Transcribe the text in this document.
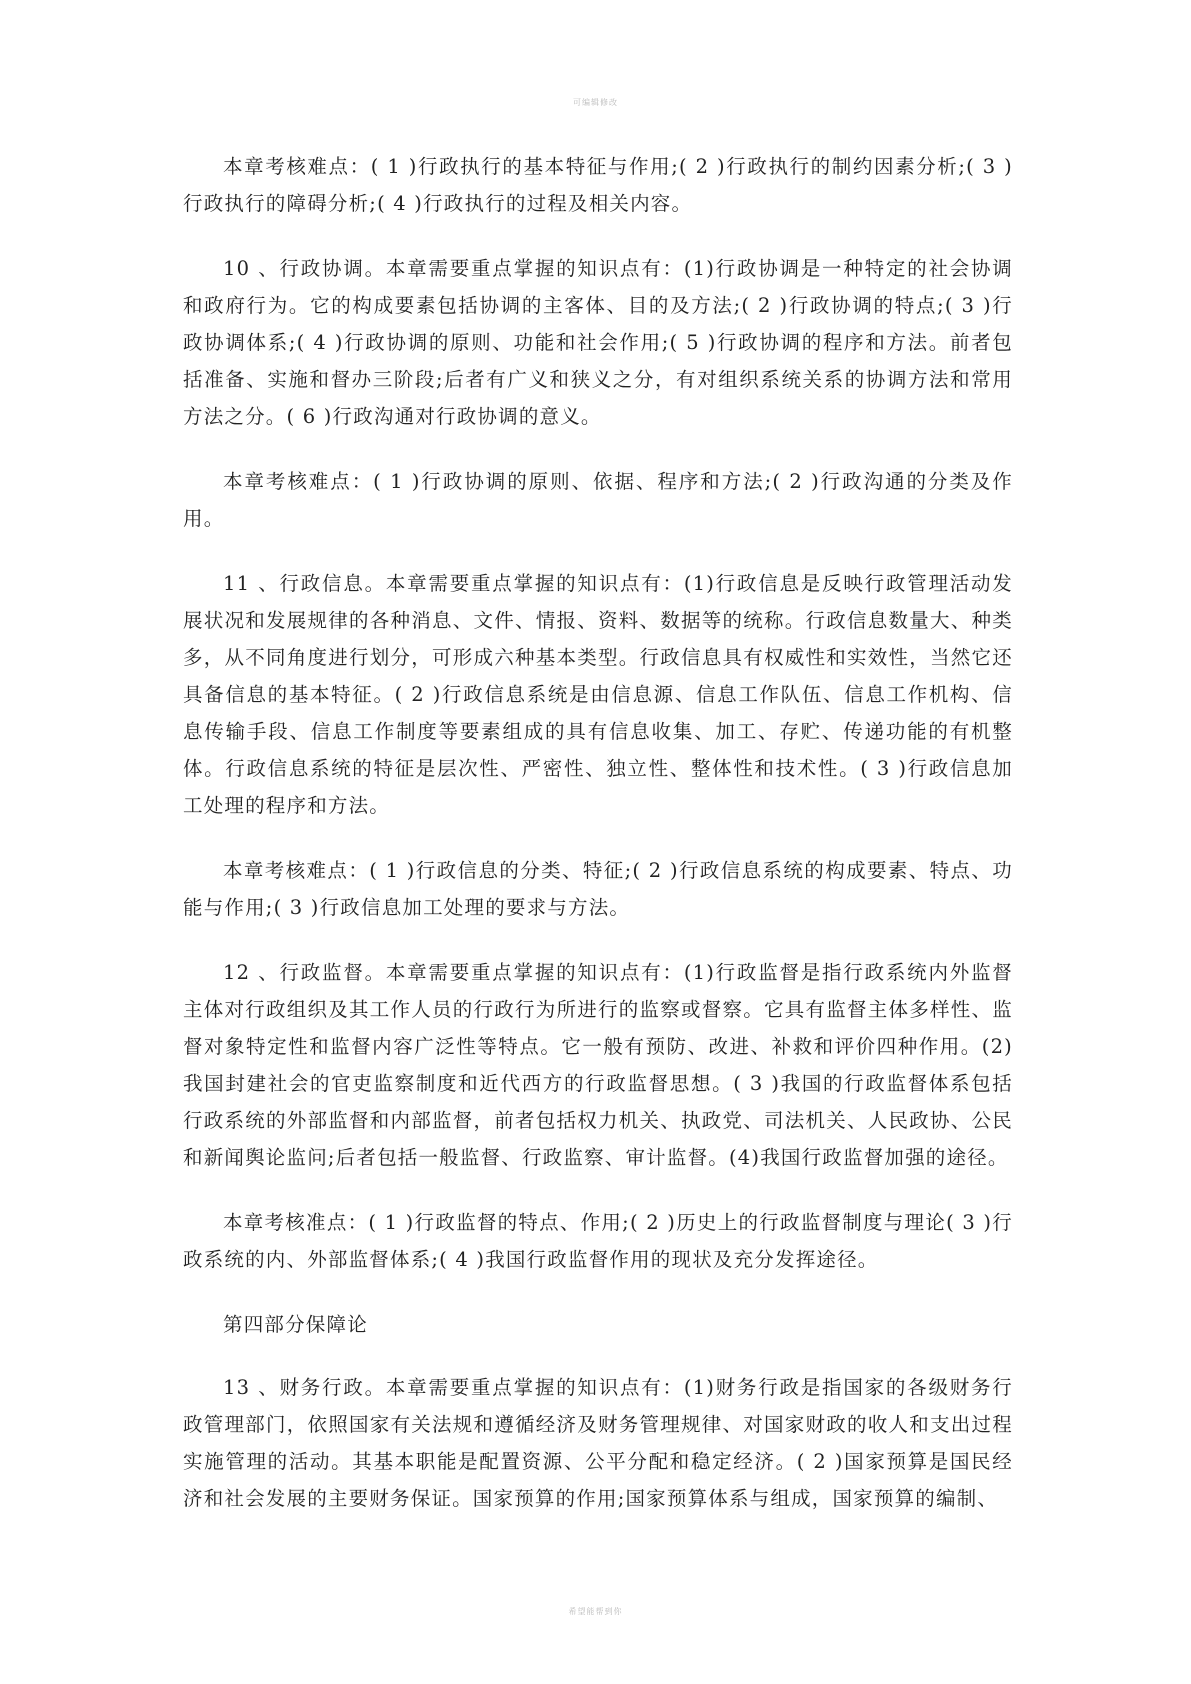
可编辑修改

本章考核难点：( 1 )行政执行的基本特征与作用;( 2 )行政执行的制约因素分析;( 3 )行政执行的障碍分析;( 4 )行政执行的过程及相关内容。

10 、行政协调。本章需要重点掌握的知识点有：(1)行政协调是一种特定的社会协调和政府行为。它的构成要素包括协调的主客体、目的及方法;( 2 )行政协调的特点;( 3 )行政协调体系;( 4 )行政协调的原则、功能和社会作用;( 5 )行政协调的程序和方法。前者包括准备、实施和督办三阶段;后者有广义和狭义之分，有对组织系统关系的协调方法和常用方法之分。( 6 )行政沟通对行政协调的意义。

本章考核难点：( 1 )行政协调的原则、依据、程序和方法;( 2 )行政沟通的分类及作用。

11 、行政信息。本章需要重点掌握的知识点有：(1)行政信息是反映行政管理活动发展状况和发展规律的各种消息、文件、情报、资料、数据等的统称。行政信息数量大、种类多，从不同角度进行划分，可形成六种基本类型。行政信息具有权威性和实效性，当然它还具备信息的基本特征。( 2 )行政信息系统是由信息源、信息工作队伍、信息工作机构、信息传输手段、信息工作制度等要素组成的具有信息收集、加工、存贮、传递功能的有机整体。行政信息系统的特征是层次性、严密性、独立性、整体性和技术性。( 3 )行政信息加工处理的程序和方法。

本章考核难点：( 1 )行政信息的分类、特征;( 2 )行政信息系统的构成要素、特点、功能与作用;( 3 )行政信息加工处理的要求与方法。

12 、行政监督。本章需要重点掌握的知识点有：(1)行政监督是指行政系统内外监督主体对行政组织及其工作人员的行政行为所进行的监察或督察。它具有监督主体多样性、监督对象特定性和监督内容广泛性等特点。它一般有预防、改进、补救和评价四种作用。(2)我国封建社会的官吏监察制度和近代西方的行政监督思想。( 3 )我国的行政监督体系包括行政系统的外部监督和内部监督，前者包括权力机关、执政党、司法机关、人民政协、公民和新闻舆论监问;后者包括一般监督、行政监察、审计监督。(4)我国行政监督加强的途径。

本章考核准点：( 1 )行政监督的特点、作用;( 2 )历史上的行政监督制度与理论( 3 )行政系统的内、外部监督体系;( 4 )我国行政监督作用的现状及充分发挥途径。

第四部分保障论

13 、财务行政。本章需要重点掌握的知识点有：(1)财务行政是指国家的各级财务行政管理部门，依照国家有关法规和遵循经济及财务管理规律、对国家财政的收人和支出过程实施管理的活动。其基本职能是配置资源、公平分配和稳定经济。( 2 )国家预算是国民经济和社会发展的主要财务保证。国家预算的作用;国家预算体系与组成，国家预算的编制、

希望能帮到你
